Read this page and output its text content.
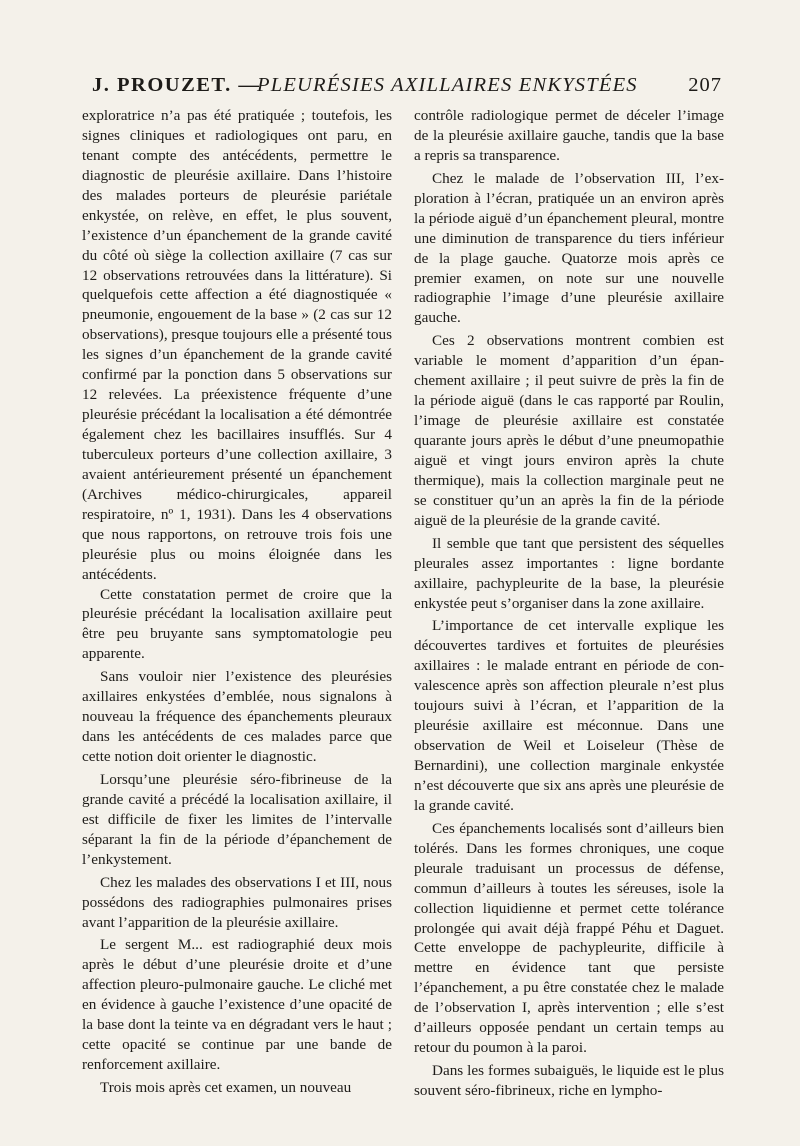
J. PROUZET. —
PLEURÉSIES AXILLAIRES ENKYSTÉES 207

exploratrice n’a pas été pratiquée ; toutefois, les signes cliniques et radiologiques ont paru, en tenant compte des antécédents, permettre le diagnostic de pleurésie axillaire. Dans l’histoire des malades porteurs de pleurésie pariétale enkystée, on relève, en effet, le plus souvent, l’existence d’un épanchement de la grande cavité du côté où siège la collection axillaire (7 cas sur 12 observations retrouvées dans la littérature). Si quelquefois cette affection a été diagnostiquée « pneumonie, engouement de la base » (2 cas sur 12 observations), presque toujours elle a présenté tous les signes d’un épanchement de la grande cavité confirmé par la ponction dans 5 observations sur 12 relevées. La préexistence fréquente d’une pleurésie précédant la localisation a été démontrée également chez les bacillaires insufflés. Sur 4 tuberculeux porteurs d’une collection axillaire, 3 avaient antérieurement présenté un épanchement (Archives médico-chirurgicales, appareil respiratoire, nº 1, 1931). Dans les 4 observations que nous rapportons, on retrouve trois fois une pleurésie plus ou moins éloignée dans les antécédents.

Cette constatation permet de croire que la pleurésie précédant la localisation axillaire peut être peu bruyante sans symptomatologie peu apparente.

Sans vouloir nier l’existence des pleurésies axillaires enkystées d’emblée, nous signalons à nouveau la fréquence des épanchements pleuraux dans les antécédents de ces malades parce que cette notion doit orienter le diagnostic.

Lorsqu’une pleurésie séro-fibrineuse de la grande cavité a précédé la localisation axillaire, il est difficile de fixer les limites de l’intervalle séparant la fin de la période d’épanchement de l’enkystement.

Chez les malades des observations I et III, nous possédons des radiographies pulmonaires prises avant l’apparition de la pleurésie axillaire.

Le sergent M... est radiographié deux mois après le début d’une pleurésie droite et d’une affection pleuro-pulmonaire gauche. Le cliché met en évidence à gauche l’existence d’une opacité de la base dont la teinte va en dégradant vers le haut ; cette opacité se continue par une bande de renforcement axillaire.

Trois mois après cet examen, un nouveau

contrôle radiologique permet de déceler l’image de la pleurésie axillaire gauche, tandis que la base a repris sa transparence.

Chez le malade de l’observation III, l’exploration à l’écran, pratiquée un an environ après la période aiguë d’un épanchement pleural, montre une diminution de transparence du tiers inférieur de la plage gauche. Quatorze mois après ce premier examen, on note sur une nouvelle radiographie l’image d’une pleurésie axillaire gauche.

Ces 2 observations montrent combien est variable le moment d’apparition d’un épanchement axillaire ; il peut suivre de près la fin de la période aiguë (dans le cas rapporté par Roulin, l’image de pleurésie axillaire est constatée quarante jours après le début d’une pneumopathie aiguë et vingt jours environ après la chute thermique), mais la collection marginale peut ne se constituer qu’un an après la fin de la période aiguë de la pleurésie de la grande cavité.

Il semble que tant que persistent des séquelles pleurales assez importantes : ligne bordante axillaire, pachypleurite de la base, la pleurésie enkystée peut s’organiser dans la zone axillaire.

L’importance de cet intervalle explique les découvertes tardives et fortuites de pleurésies axillaires : le malade entrant en période de convalescence après son affection pleurale n’est plus toujours suivi à l’écran, et l’apparition de la pleurésie axillaire est méconnue. Dans une observation de Weil et Loiseleur (Thèse de Bernardini), une collection marginale enkystée n’est découverte que six ans après une pleurésie de la grande cavité.

Ces épanchements localisés sont d’ailleurs bien tolérés. Dans les formes chroniques, une coque pleurale traduisant un processus de défense, commun d’ailleurs à toutes les séreuses, isole la collection liquidienne et permet cette tolérance prolongée qui avait déjà frappé Péhu et Daguet. Cette enveloppe de pachypleurite, difficile à mettre en évidence tant que persiste l’épanchement, a pu être constatée chez le malade de l’observation I, après intervention ; elle s’est d’ailleurs opposée pendant un certain temps au retour du poumon à la paroi.

Dans les formes subaiguës, le liquide est le plus souvent séro-fibrineux, riche en lympho-
